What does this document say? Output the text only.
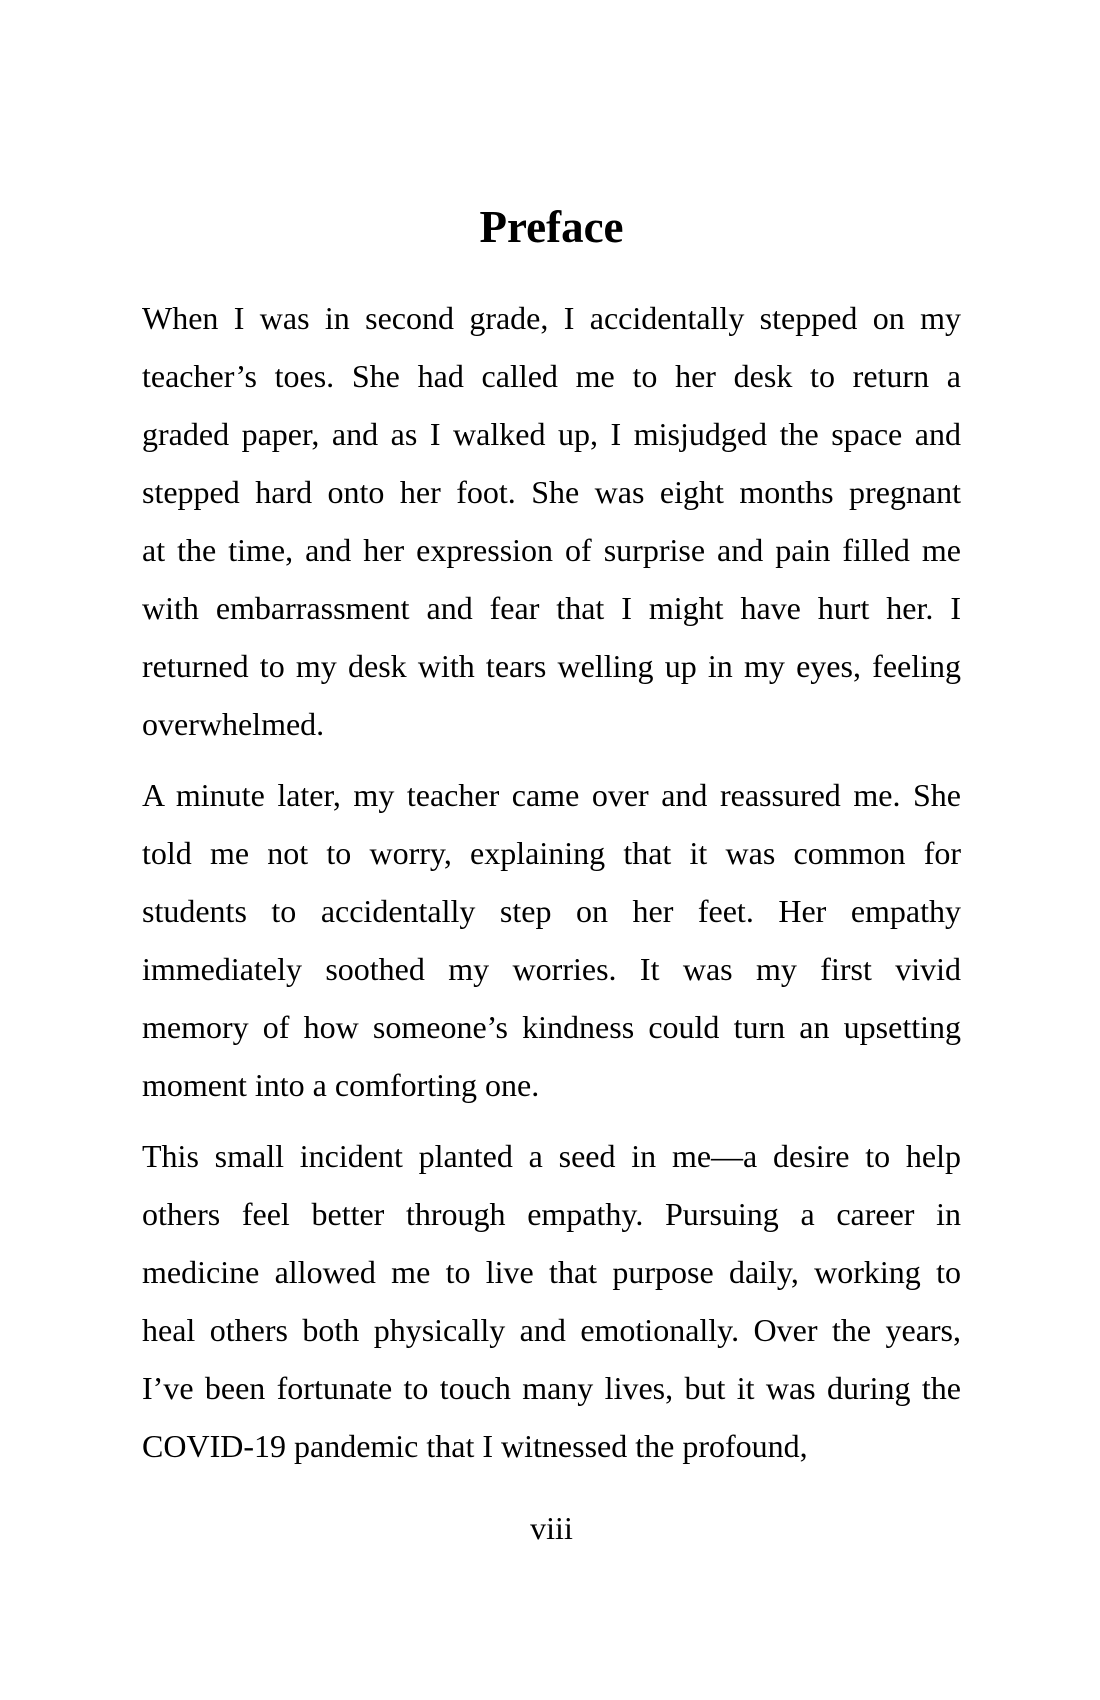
Preface
When I was in second grade, I accidentally stepped on my
teacher’s toes. She had called me to her desk to return a
graded paper, and as I walked up, I misjudged the space and
stepped hard onto her foot. She was eight months pregnant
at the time, and her expression of surprise and pain filled me
with embarrassment and fear that I might have hurt her. I
returned to my desk with tears welling up in my eyes, feeling
overwhelmed.
A minute later, my teacher came over and reassured me. She
told me not to worry, explaining that it was common for
students to accidentally step on her feet. Her empathy
immediately soothed my worries. It was my first vivid
memory of how someone’s kindness could turn an upsetting
moment into a comforting one.
This small incident planted a seed in me—a desire to help
others feel better through empathy. Pursuing a career in
medicine allowed me to live that purpose daily, working to
heal others both physically and emotionally. Over the years,
I’ve been fortunate to touch many lives, but it was during the
COVID-19 pandemic that I witnessed the profound,
viii
